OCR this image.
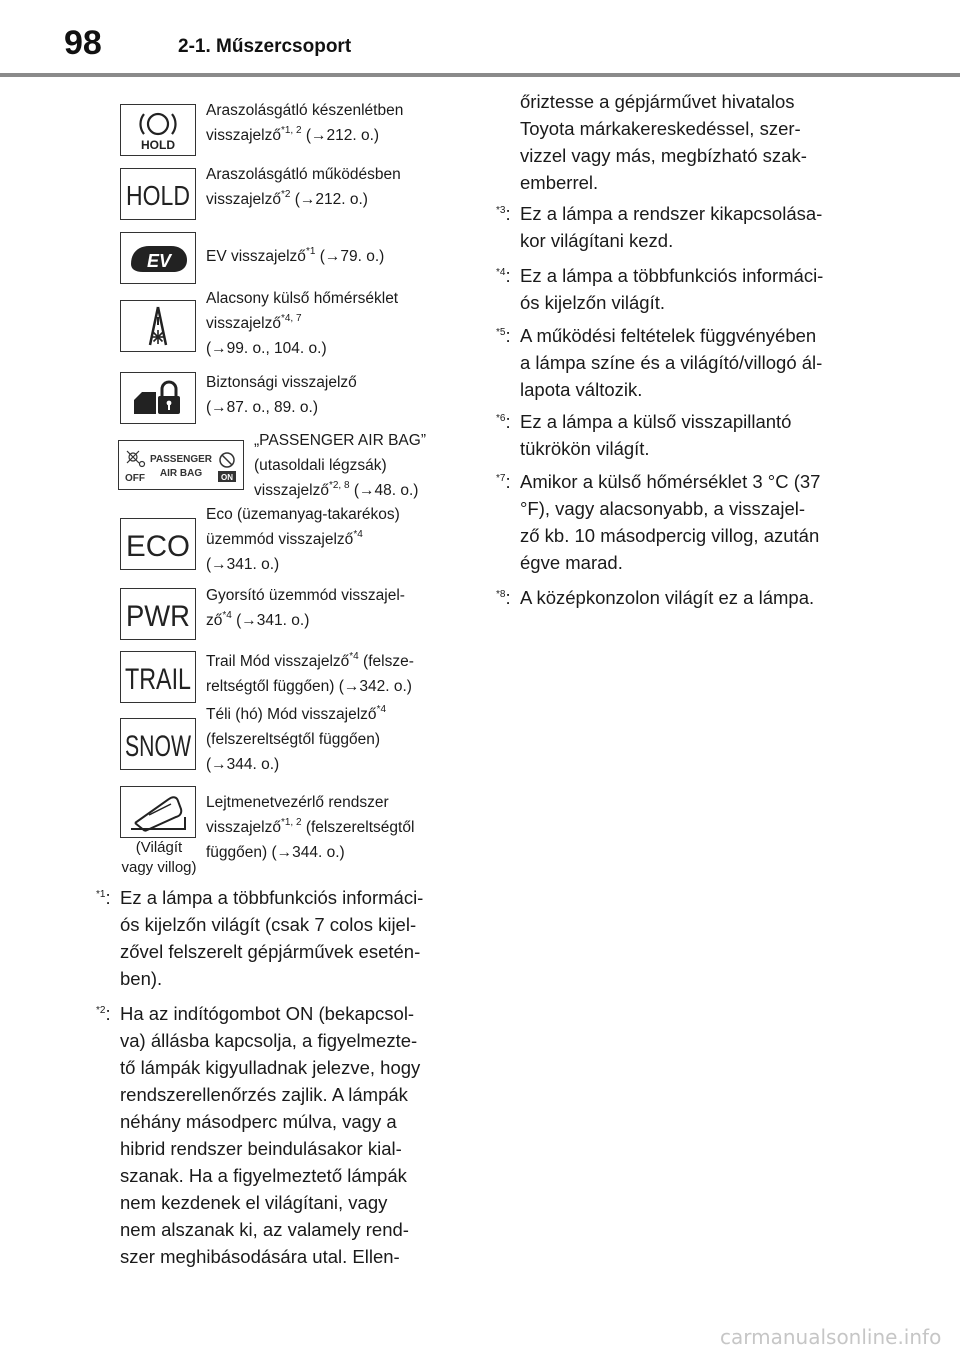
98	2-1. Műszercsoport
HOLD
Araszolásgátló készenlétben
visszajelző$^{*1, 2}$ (→212. o.)
HOLD
Araszolásgátló működésben
visszajelző$^{*2}$ (→212. o.)
EV EV visszajelző$^{*1}$ (→79. o.)
Alacsony külső hőmérséklet
visszajelző$^{*4, 7}$
(→99. o., 104. o.)
Biztonsági visszajelző
(→87. o., 89. o.)
OFF
PASSENGER
AIR BAG ON
„PASSENGER AIR BAG”
(utasoldali légzsák)
visszajelző$^{*2, 8}$ (→48. o.)
ECO
Eco (üzemanyag-takarékos)
üzemmód visszajelző$^{*4}$
(→341. o.)
PWR
Gyorsító üzemmód visszajel-
$ző^{*4}$ (→341. o.)
TRAIL
Trail Mód visszajelző$^{*4}$ (felsze-
reltségtől függően) (→342. o.)
SNOW
Téli (hó) Mód visszajelző$^{*4}$
(felszereltségtől függően)
(→344. o.)
(Világít
vagy villog)
Lejtmenetvezérlő rendszer
visszajelző$^{*1, 2}$ (felszereltségtől
függően) (→344. o.)
$^{*1}$: Ez a lámpa a többfunkciós informáci-
ós kijelzőn világít (csak 7 colos kijel-
zővel felszerelt gépjárművek esetén-
ben).
$^{*2}$: Ha az indítógombot ON (bekapcsol-
va) állásba kapcsolja, a figyelmezte-
tő lámpák kigyulladnak jelezve, hogy
rendszerellenőrzés zajlik. A lámpák
néhány másodperc múlva, vagy a
hibrid rendszer beindulásakor kial-
szanak. Ha a figyelmeztető lámpák
nem kezdenek el világítani, vagy
nem alszanak ki, az valamely rend-
szer meghibásodására utal. Ellen-
őriztesse a gépjárművet hivatalos
Toyota márkakereskedéssel, szer-
vizzel vagy más, megbízható szak-
emberrel.
$^{*3}$: Ez a lámpa a rendszer kikapcsolása-
kor világítani kezd.
$^{*4}$: Ez a lámpa a többfunkciós informáci-
ós kijelzőn világít.
$^{*5}$: A működési feltételek függvényében
a lámpa színe és a világító/villogó ál-
lapota változik.
$^{*6}$: Ez a lámpa a külső visszapillantó
tükrökön világít.
$^{*7}$: Amikor a külső hőmérséklet 3 °C (37
°F), vagy alacsonyabb, a visszajel-
ző kb. 10 másodpercig villog, azután
égve marad.
$^{*8}$: A középkonzolon világít ez a lámpa.
carmanualsonline.info
